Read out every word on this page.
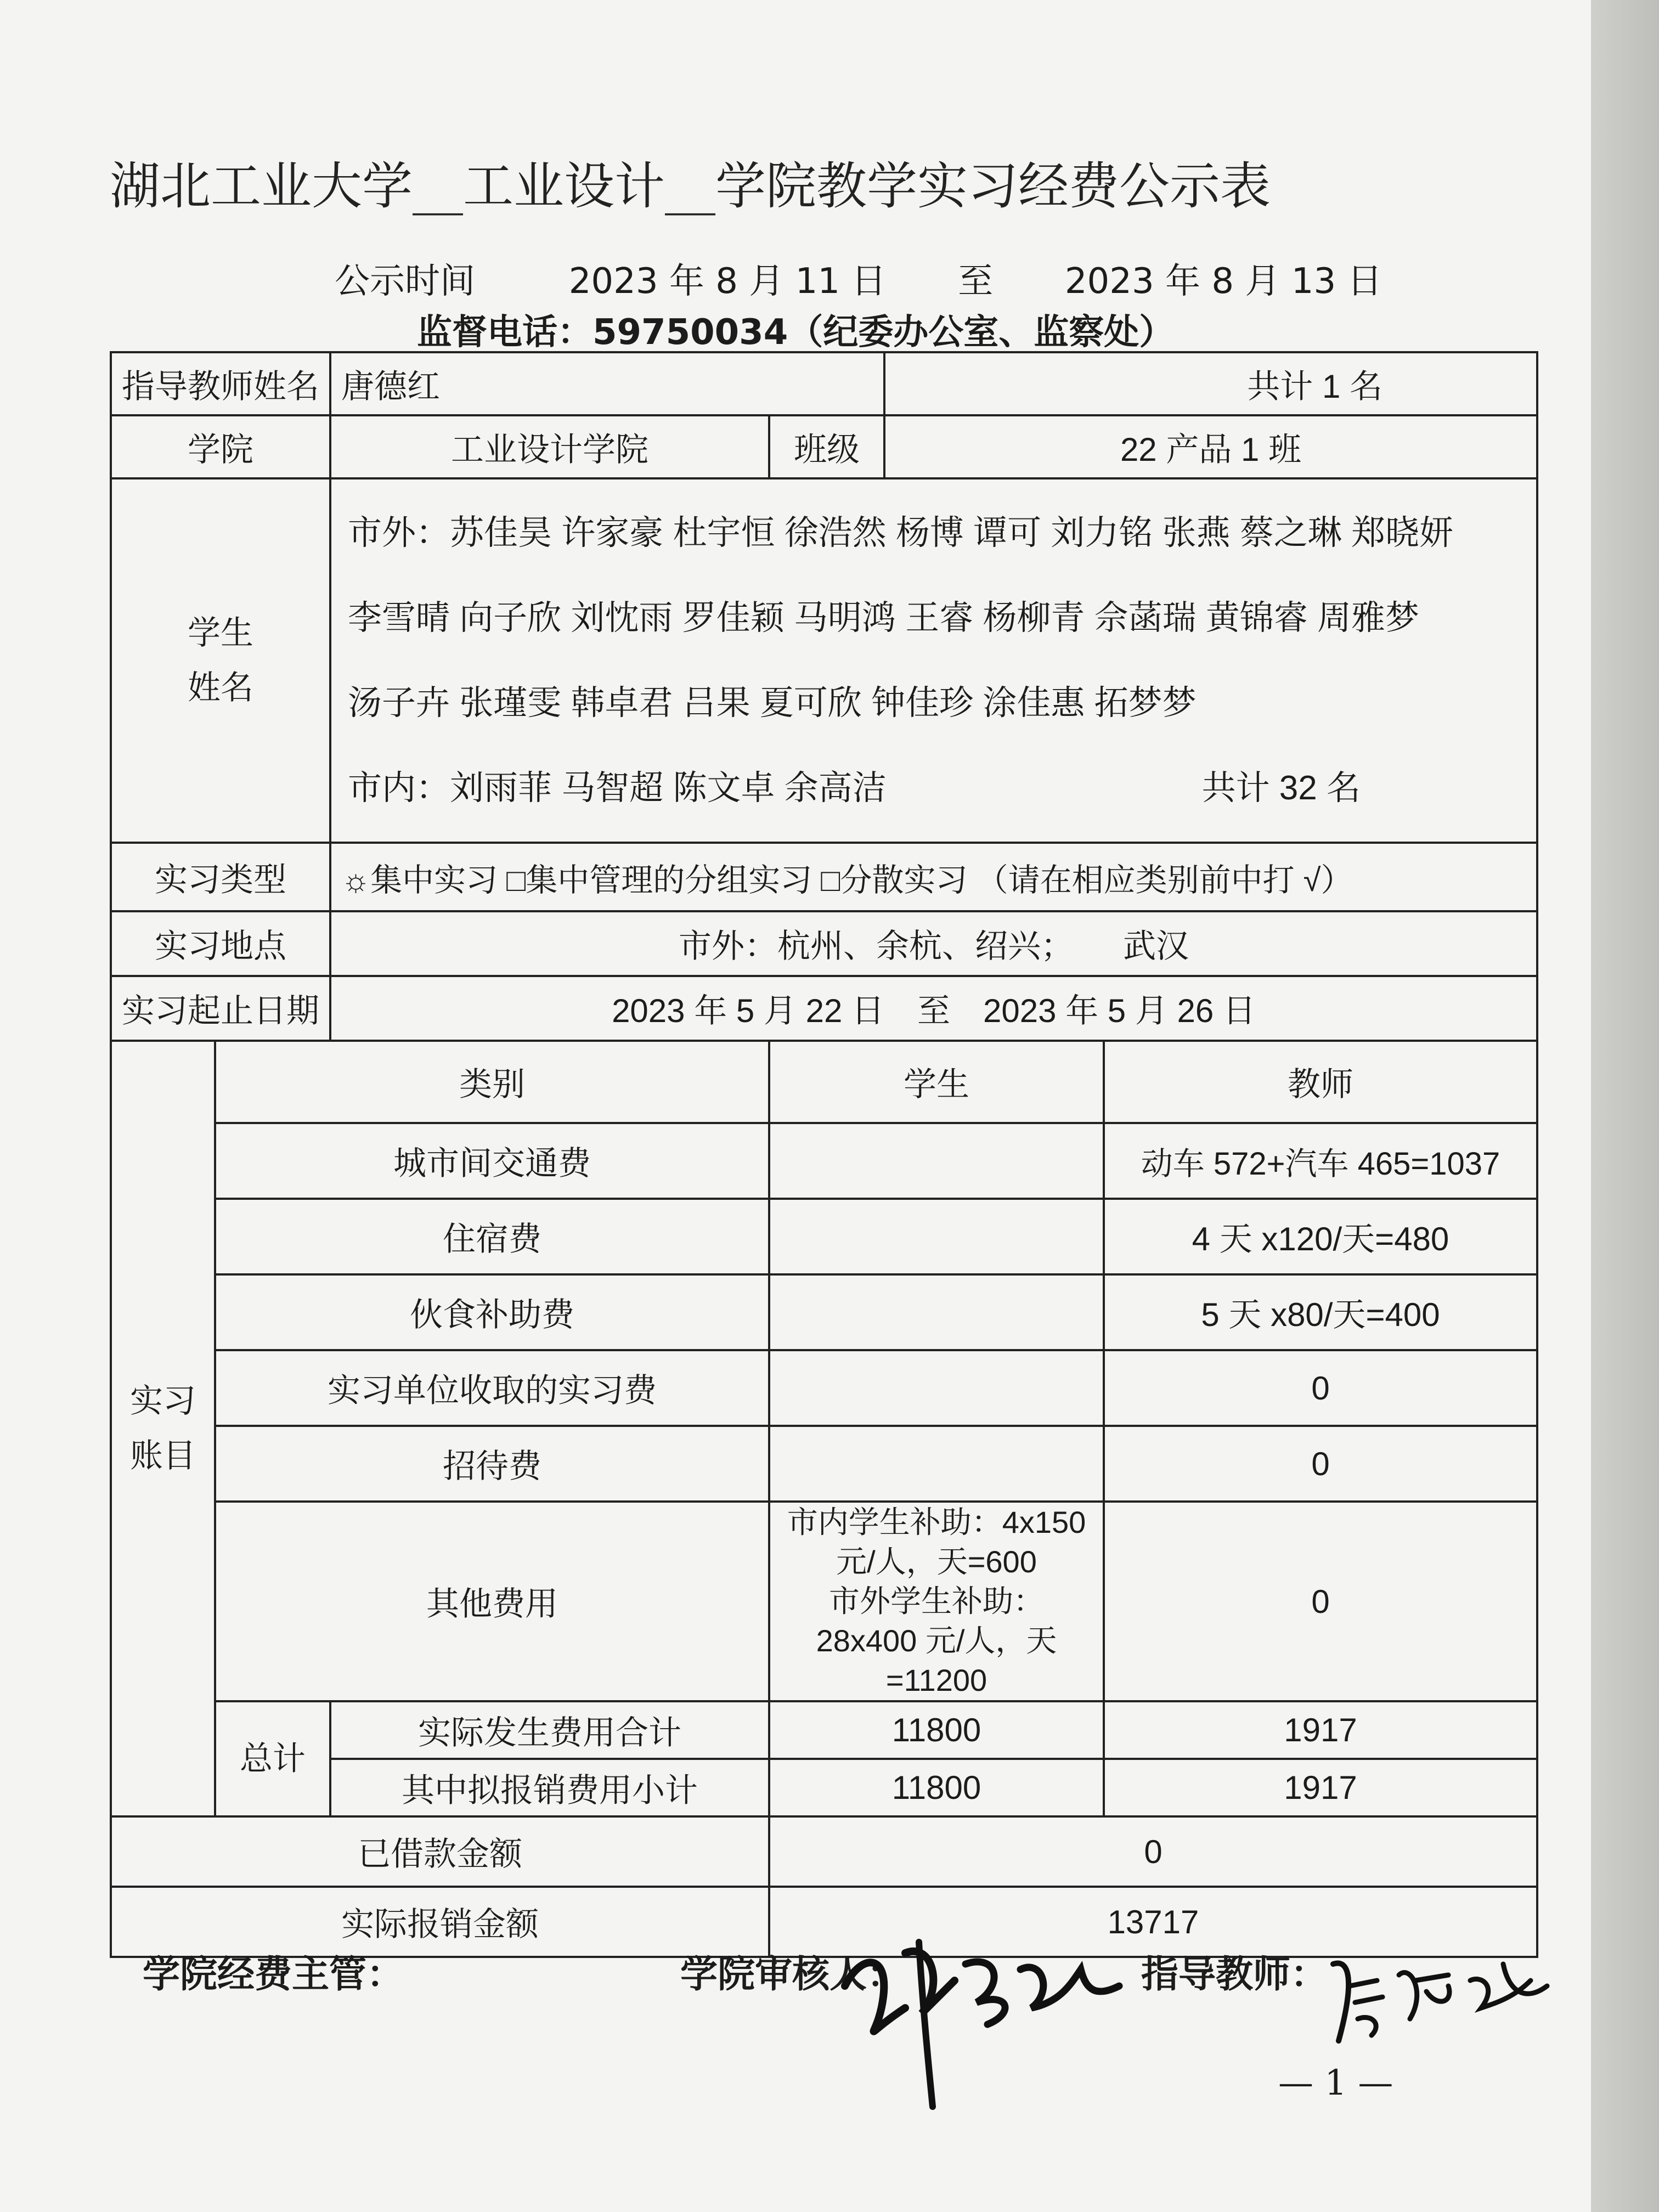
湖北工业大学__工业设计__学院教学实习经费公示表
公示时间	2023 年 8 月 11 日 至 2023 年 8 月 13 日
监督电话：59750034（纪委办公室、监察处）
指导教师姓名		唐德红		共计 1 名	
学院		工业设计学院	班级	22 产品 1 班	
学生姓名		市外：苏佳昊 许家豪 杜宇恒 徐浩然 杨博 谭可 刘力铭 张燕 蔡之琳 郑晓妍
李雪晴 向子欣 刘忱雨 罗佳颖 马明鸿 王睿 杨柳青 佘菡瑞 黄锦睿 周雅梦
汤子卉 张瑾雯 韩卓君 吕果 夏可欣 钟佳珍 涂佳惠 拓梦梦
市内：刘雨菲 马智超 陈文卓 余高洁 共计 32 名			

实习类型		☼集中实习 □集中管理的分组实习 □分散实习 （请在相应类别前中打 √）			
实习地点		市外：杭州、余杭、绍兴；　　武汉			
实习起止日期		2023 年 5 月 22 日　至　2023 年 5 月 26 日			
实习账目	类别		学生		教师
	城市间交通费				动车 572+汽车 465=1037
	住宿费				4 天 x120/天=480
	伙食补助费				5 天 x80/天=400
	实习单位收取的实习费				0
	招待费				0
	其他费用		市内学生补助：4x150 元/人，天=600
市外学生补助：28x400 元/人，天=11200		0
	总计	实际发生费用合计	11800		1917
		其中拟报销费用小计	11800		1917
已借款金额			0		
实际报销金额			13717		
学院经费主管：	学院审核人：	指导教师：
— 1 —
